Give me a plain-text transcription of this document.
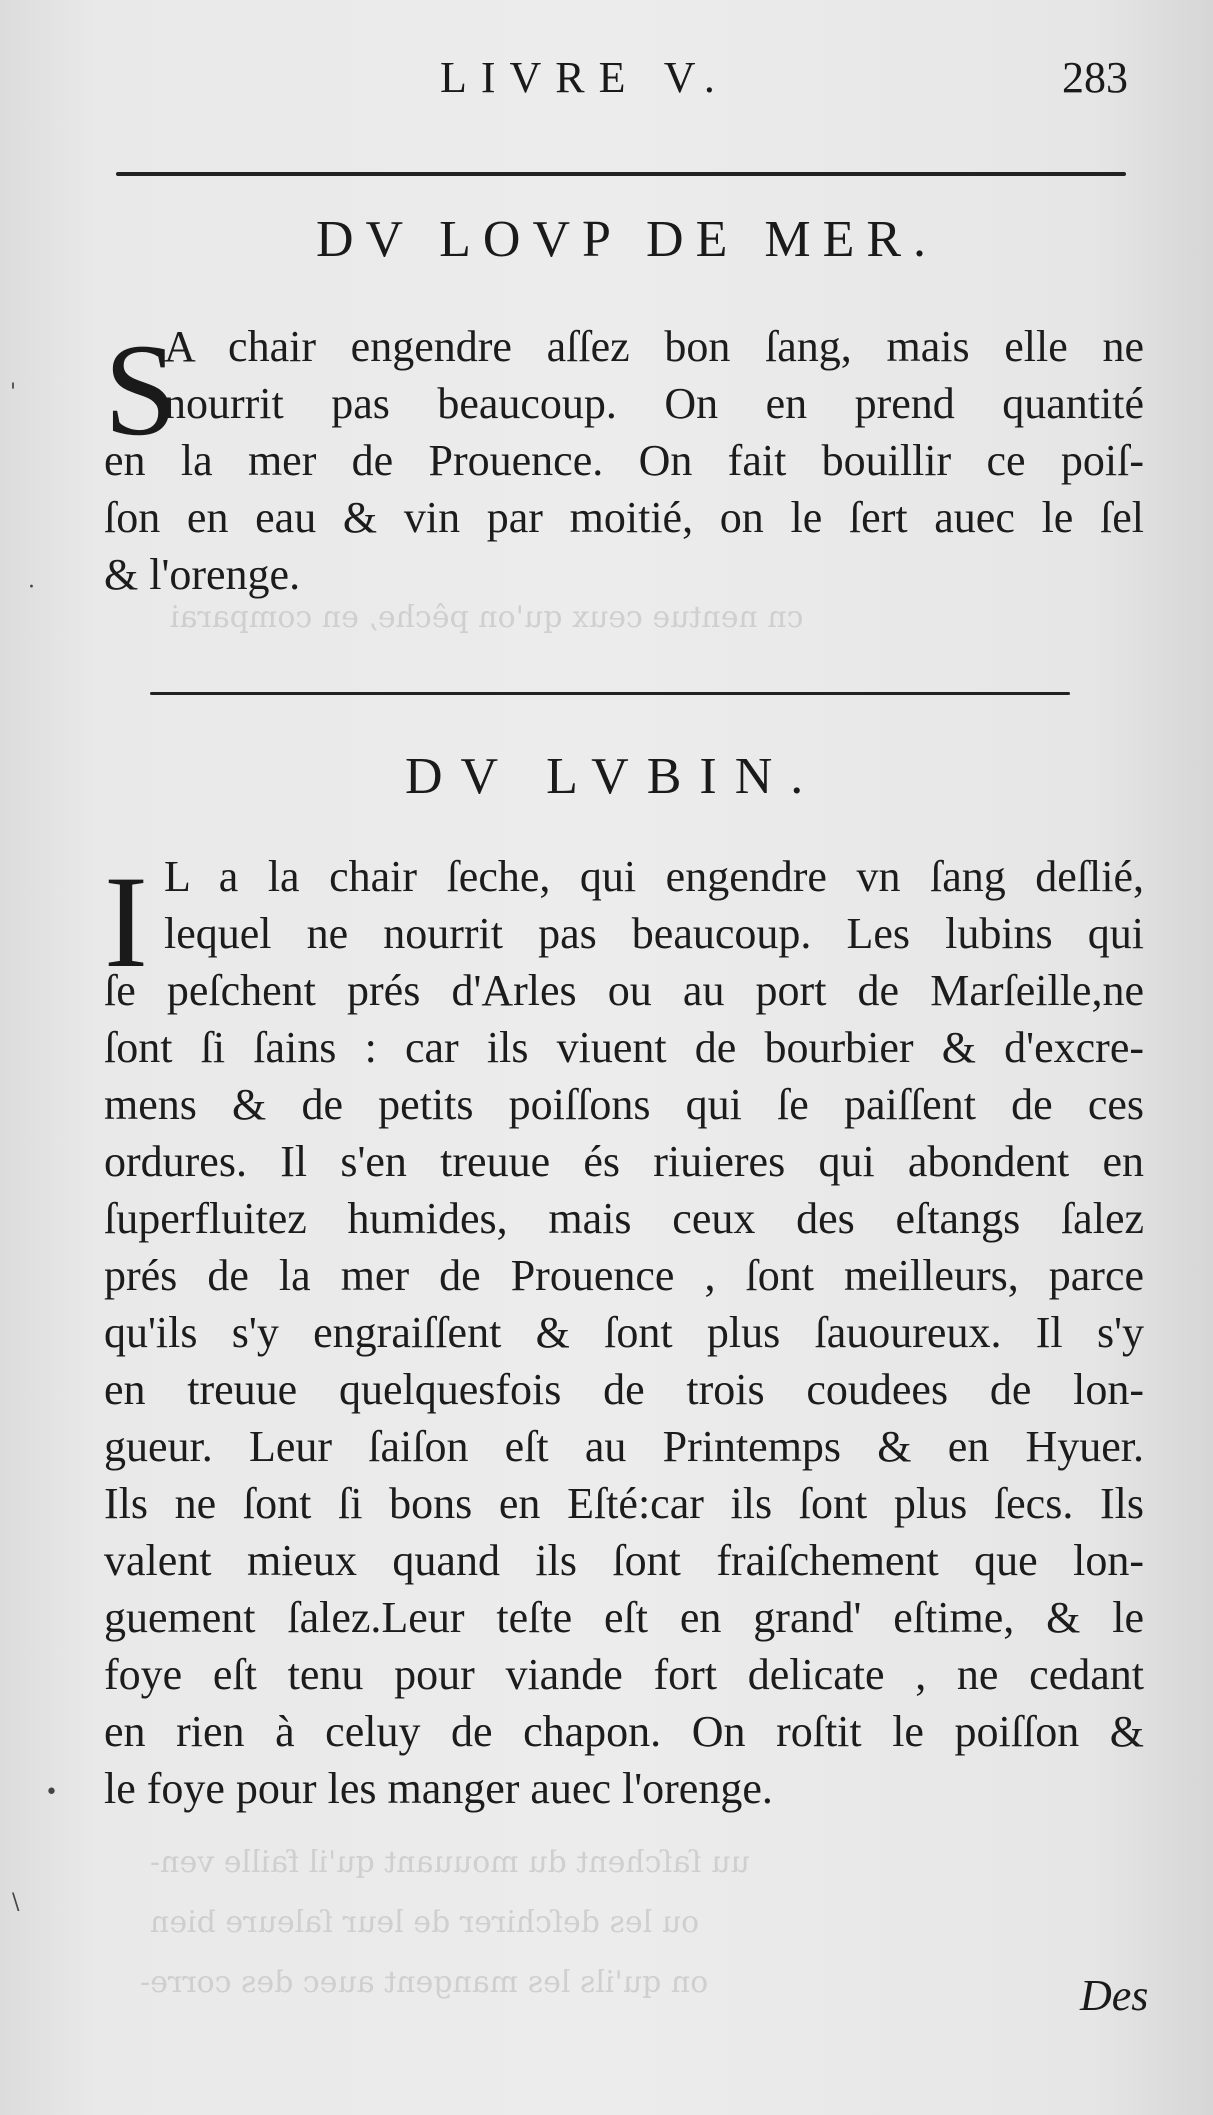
cn nentue ceux qu'on pêche, en comparai
uu ſaſchent du mouuant qu'il faille ven-
ou les deſchirer de leur ſaleure bien
on qu'ils les mangent auec des corre-
LIVRE V.	283
DV LOVP DE MER.
S
A chair engendre aſſez bon ſang, mais elle ne
nourrit pas beaucoup. On en prend quantité
en la mer de Prouence. On fait bouillir ce poiſ-
ſon en eau & vin par moitié, on le ſert auec le ſel
& l'orenge.
DV LVBIN.
I L a la chair ſeche, qui engendre vn ſang deſlié,
lequel ne nourrit pas beaucoup. Les lubins qui
ſe peſchent prés d'Arles ou au port de Marſeille,ne
ſont ſi ſains : car ils viuent de bourbier & d'excre-
mens & de petits poiſſons qui ſe paiſſent de ces
ordures. Il s'en treuue és riuieres qui abondent en
ſuperfluitez humides, mais ceux des eſtangs ſalez
prés de la mer de Prouence , ſont meilleurs, parce
qu'ils s'y engraiſſent & ſont plus ſauoureux. Il s'y
en treuue quelquesfois de trois coudees de lon-
gueur. Leur ſaiſon eſt au Printemps & en Hyuer.
Ils ne ſont ſi bons en Eſté:car ils ſont plus ſecs. Ils
valent mieux quand ils ſont fraiſchement que lon-
guement ſalez.Leur teſte eſt en grand' eſtime, & le
foye eſt tenu pour viande fort delicate , ne cedant
en rien à celuy de chapon. On roſtit le poiſſon &
le foye pour les manger auec l'orenge.
Des
'
·
•
\
